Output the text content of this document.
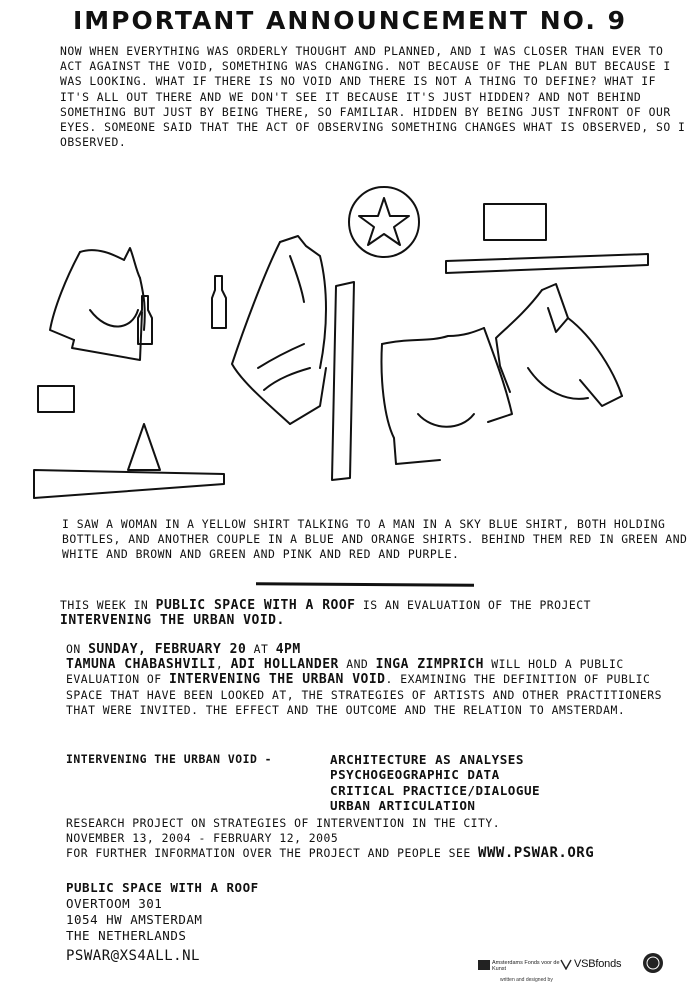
IMPORTANT ANNOUNCEMENT NO. 9
NOW WHEN EVERYTHING WAS ORDERLY THOUGHT AND PLANNED, AND I WAS CLOSER THAN EVER TO ACT AGAINST THE VOID, SOMETHING WAS CHANGING. NOT BECAUSE OF THE PLAN BUT BECAUSE I WAS LOOKING. WHAT IF THERE IS NO VOID AND THERE IS NOT A THING TO DEFINE? WHAT IF IT'S ALL OUT THERE AND WE DON'T SEE IT BECAUSE IT'S JUST HIDDEN? AND NOT BEHIND SOMETHING BUT JUST BY BEING THERE, SO FAMILIAR. HIDDEN BY BEING JUST INFRONT OF OUR EYES. SOMEONE SAID THAT THE ACT OF OBSERVING SOMETHING CHANGES WHAT IS OBSERVED, SO I OBSERVED.
I SAW A WOMAN IN A YELLOW SHIRT TALKING TO A MAN IN A SKY BLUE SHIRT, BOTH HOLDING BOTTLES, AND ANOTHER COUPLE IN A BLUE AND ORANGE SHIRTS. BEHIND THEM RED IN GREEN AND WHITE AND BROWN AND GREEN AND PINK AND RED AND PURPLE.
THIS WEEK IN PUBLIC SPACE WITH A ROOF IS AN EVALUATION OF THE PROJECT INTERVENING THE URBAN VOID.
ON SUNDAY, FEBRUARY 20 AT 4PM
TAMUNA CHABASHVILI, ADI HOLLANDER AND INGA ZIMPRICH WILL HOLD A PUBLIC EVALUATION OF INTERVENING THE URBAN VOID. EXAMINING THE DEFINITION OF PUBLIC SPACE THAT HAVE BEEN LOOKED AT, THE STRATEGIES OF ARTISTS AND OTHER PRACTITIONERS THAT WERE INVITED. THE EFFECT AND THE OUTCOME AND THE RELATION TO AMSTERDAM.
INTERVENING THE URBAN VOID -	ARCHITECTURE AS ANALYSES
PSYCHOGEOGRAPHIC DATA
CRITICAL PRACTICE/DIALOGUE
URBAN ARTICULATION
RESEARCH PROJECT ON STRATEGIES OF INTERVENTION IN THE CITY.
NOVEMBER 13, 2004 - FEBRUARY 12, 2005
FOR FURTHER INFORMATION OVER THE PROJECT AND PEOPLE SEE WWW.PSWAR.ORG
PUBLIC SPACE WITH A ROOF
OVERTOOM 301
1054 HW AMSTERDAM
THE NETHERLANDS
PSWAR@XS4ALL.NL	Amsterdams Fonds voor de Kunst	VSBfonds
written and designed by
